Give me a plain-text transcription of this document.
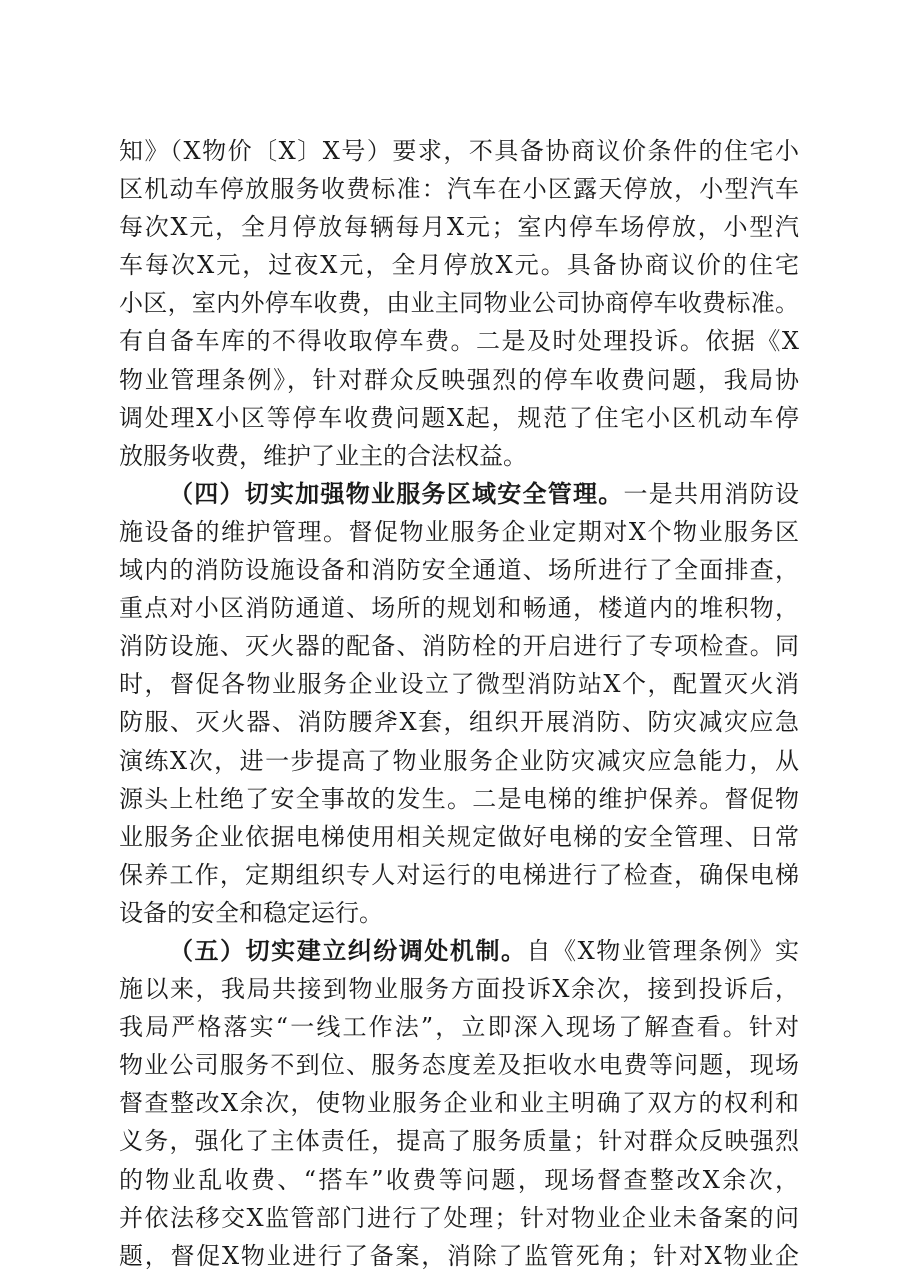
知》（X物价〔X〕X号）要求，不具备协商议价条件的住宅小
区机动车停放服务收费标准：汽车在小区露天停放，小型汽车
每次X元，全月停放每辆每月X元；室内停车场停放，小型汽
车每次X元，过夜X元，全月停放X元。具备协商议价的住宅
小区，室内外停车收费，由业主同物业公司协商停车收费标准。
有自备车库的不得收取停车费。二是及时处理投诉。依据《X
物业管理条例》，针对群众反映强烈的停车收费问题，我局协
调处理X小区等停车收费问题X起，规范了住宅小区机动车停
放服务收费，维护了业主的合法权益。
（四）切实加强物业服务区域安全管理。一是共用消防设
施设备的维护管理。督促物业服务企业定期对X个物业服务区
域内的消防设施设备和消防安全通道、场所进行了全面排查，
重点对小区消防通道、场所的规划和畅通，楼道内的堆积物，
消防设施、灭火器的配备、消防栓的开启进行了专项检查。同
时，督促各物业服务企业设立了微型消防站X个，配置灭火消
防服、灭火器、消防腰斧X套，组织开展消防、防灾减灾应急
演练X次，进一步提高了物业服务企业防灾减灾应急能力，从
源头上杜绝了安全事故的发生。二是电梯的维护保养。督促物
业服务企业依据电梯使用相关规定做好电梯的安全管理、日常
保养工作，定期组织专人对运行的电梯进行了检查，确保电梯
设备的安全和稳定运行。
（五）切实建立纠纷调处机制。自《X物业管理条例》实
施以来，我局共接到物业服务方面投诉X余次，接到投诉后，
我局严格落实“一线工作法”，立即深入现场了解查看。针对
物业公司服务不到位、服务态度差及拒收水电费等问题，现场
督查整改X余次，使物业服务企业和业主明确了双方的权利和
义务，强化了主体责任，提高了服务质量；针对群众反映强烈
的物业乱收费、“搭车”收费等问题，现场督查整改X余次，
并依法移交X监管部门进行了处理；针对物业企业未备案的问
题，督促X物业进行了备案，消除了监管死角；针对X物业企
